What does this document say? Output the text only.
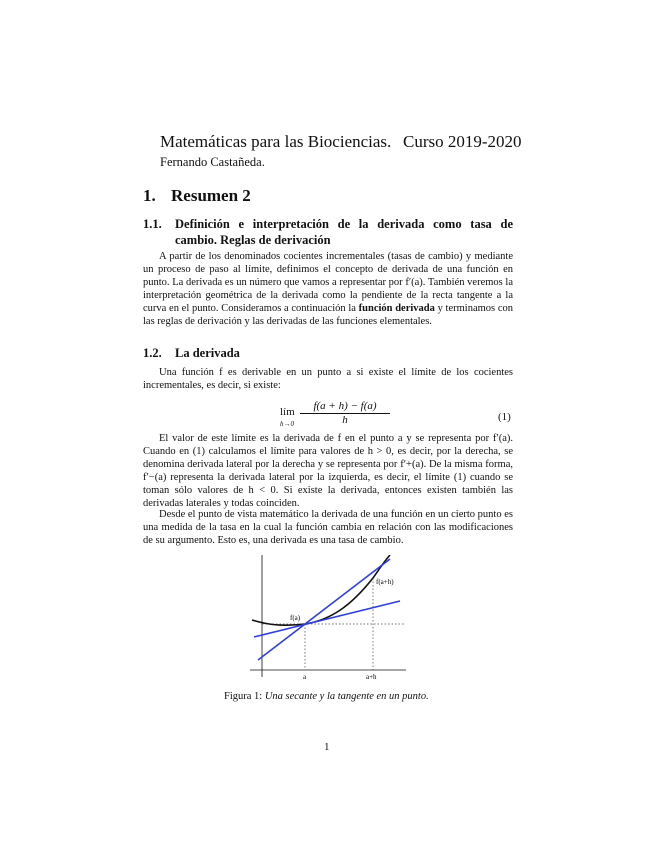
Matemáticas para las Biociencias. Curso 2019-2020
Fernando Castañeda.
1. Resumen 2
1.1.	Definición e interpretación de la derivada como tasa de cambio. Reglas de derivación
A partir de los denominados cocientes incrementales (tasas de cambio) y mediante un proceso de paso al límite, definimos el concepto de derivada de una función en punto. La derivada es un número que vamos a representar por f′(a). También veremos la interpretación geométrica de la derivada como la pendiente de la recta tangente a la curva en el punto. Consideramos a continuación la función derivada y terminamos con las reglas de derivación y las derivadas de las funciones elementales.
1.2. La derivada
Una función f es derivable en un punto a si existe el límite de los cocientes incrementales, es decir, si existe:
lím
$h\to 0 \frac{f(a + h) - f(a)}{h}$	(1)
El valor de este límite es la derivada de f en el punto a y se representa por f′(a). Cuando en (1) calculamos el límite para valores de h > 0, es decir, por la derecha, se denomina derivada lateral por la derecha y se representa por f′+(a). De la misma forma, f′−(a) representa la derivada lateral por la izquierda, es decir, el límite (1) cuando se toman sólo valores de h < 0. Si existe la derivada, entonces existen también las derivadas laterales y todas coinciden.
Desde el punto de vista matemático la derivada de una función en un cierto punto es una medida de la tasa en la cual la función cambia en relación con las modificaciones de su argumento. Esto es, una derivada es una tasa de cambio.
f(a)
f(a+h)
a	a+h
Figura 1: Una secante y la tangente en un punto.
1
